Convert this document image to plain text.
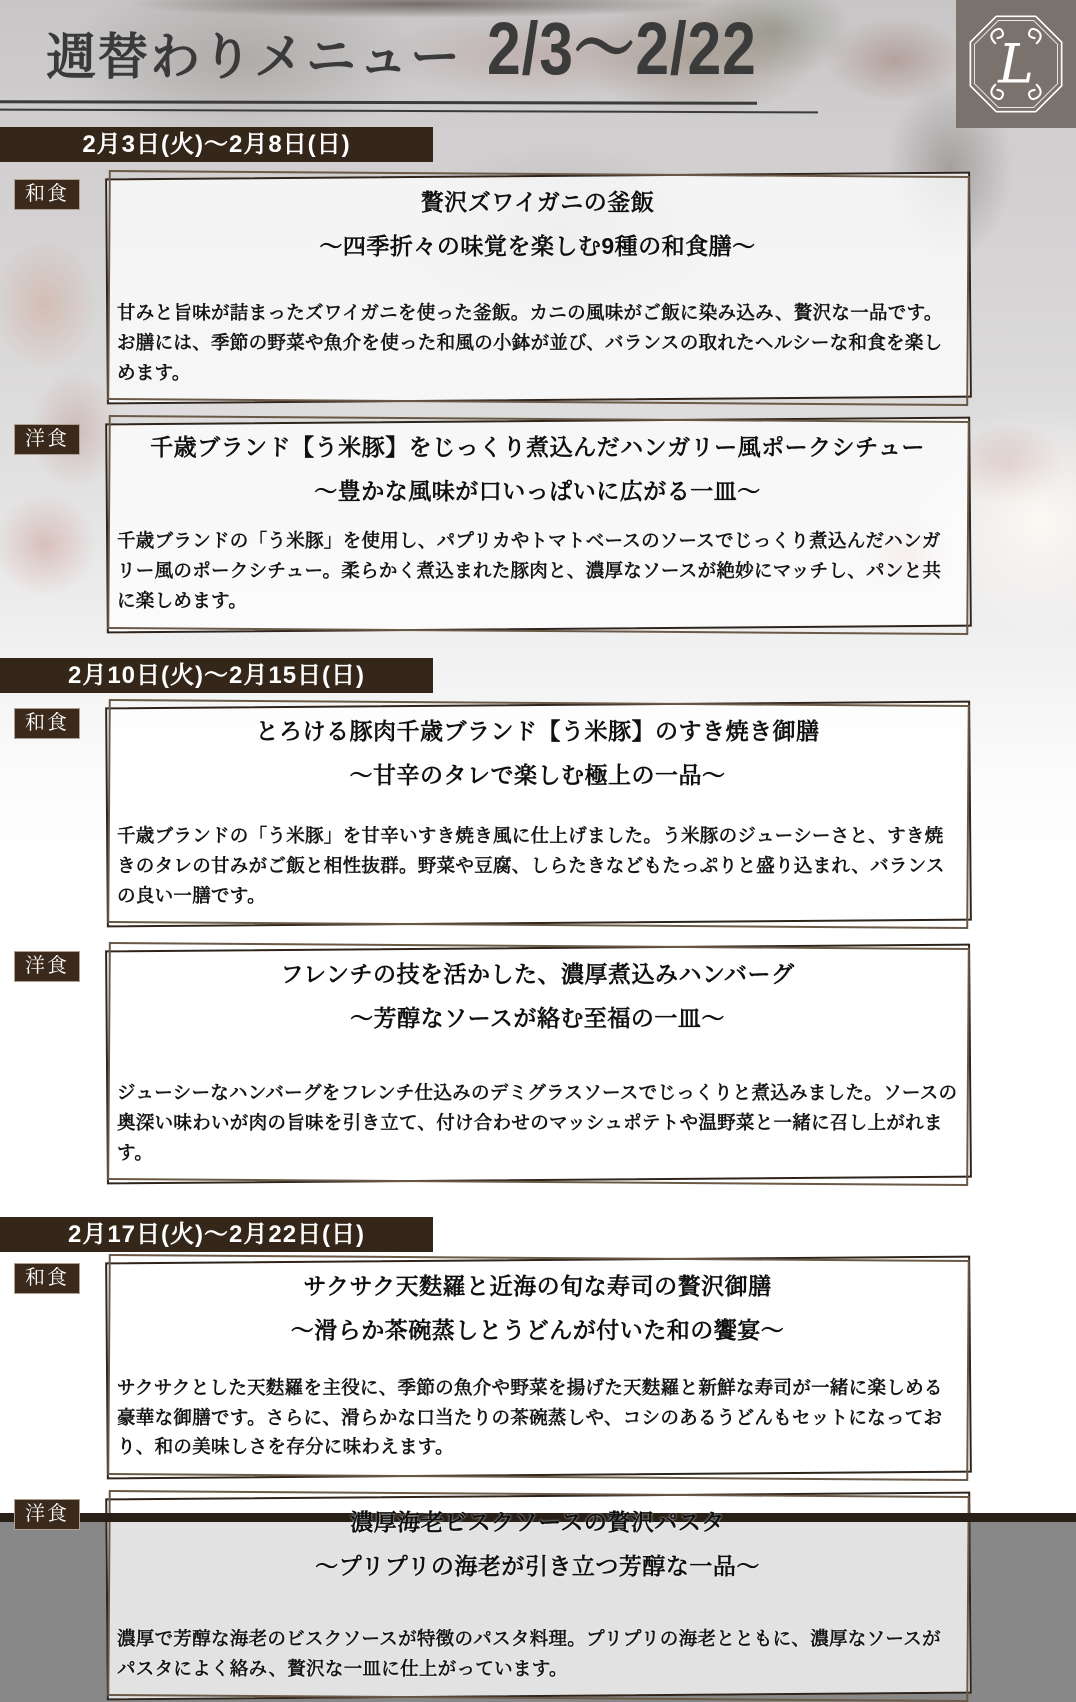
週替わりメニュー 2/3～2/22	L
2月3日(火)～2月8日(日)
和食	贅沢ズワイガニの釜飯
～四季折々の味覚を楽しむ9種の和食膳～

甘みと旨味が詰まったズワイガニを使った釜飯。カニの風味がご飯に染み込み、贅沢な一品です。お膳には、季節の野菜や魚介を使った和風の小鉢が並び、バランスの取れたヘルシーな和食を楽しめます。

洋食	千歳ブランド【う米豚】をじっくり煮込んだハンガリー風ポークシチュー
～豊かな風味が口いっぱいに広がる一皿～

千歳ブランドの「う米豚」を使用し、パプリカやトマトベースのソースでじっくり煮込んだハンガリー風のポークシチュー。柔らかく煮込まれた豚肉と、濃厚なソースが絶妙にマッチし、パンと共に楽しめます。

2月10日(火)～2月15日(日)
和食	とろける豚肉千歳ブランド【う米豚】のすき焼き御膳
～甘辛のタレで楽しむ極上の一品～

千歳ブランドの「う米豚」を甘辛いすき焼き風に仕上げました。う米豚のジューシーさと、すき焼きのタレの甘みがご飯と相性抜群。野菜や豆腐、しらたきなどもたっぷりと盛り込まれ、バランスの良い一膳です。

洋食	フレンチの技を活かした、濃厚煮込みハンバーグ
～芳醇なソースが絡む至福の一皿～

ジューシーなハンバーグをフレンチ仕込みのデミグラスソースでじっくりと煮込みました。ソースの奥深い味わいが肉の旨味を引き立て、付け合わせのマッシュポテトや温野菜と一緒に召し上がれます。

2月17日(火)～2月22日(日)
和食	サクサク天麩羅と近海の旬な寿司の贅沢御膳
～滑らか茶碗蒸しとうどんが付いた和の饗宴～

サクサクとした天麩羅を主役に、季節の魚介や野菜を揚げた天麩羅と新鮮な寿司が一緒に楽しめる豪華な御膳です。さらに、滑らかな口当たりの茶碗蒸しや、コシのあるうどんもセットになっており、和の美味しさを存分に味わえます。

洋食	濃厚海老ビスクソースの贅沢パスタ
～プリプリの海老が引き立つ芳醇な一品～

濃厚で芳醇な海老のビスクソースが特徴のパスタ料理。プリプリの海老とともに、濃厚なソースがパスタによく絡み、贅沢な一皿に仕上がっています。
